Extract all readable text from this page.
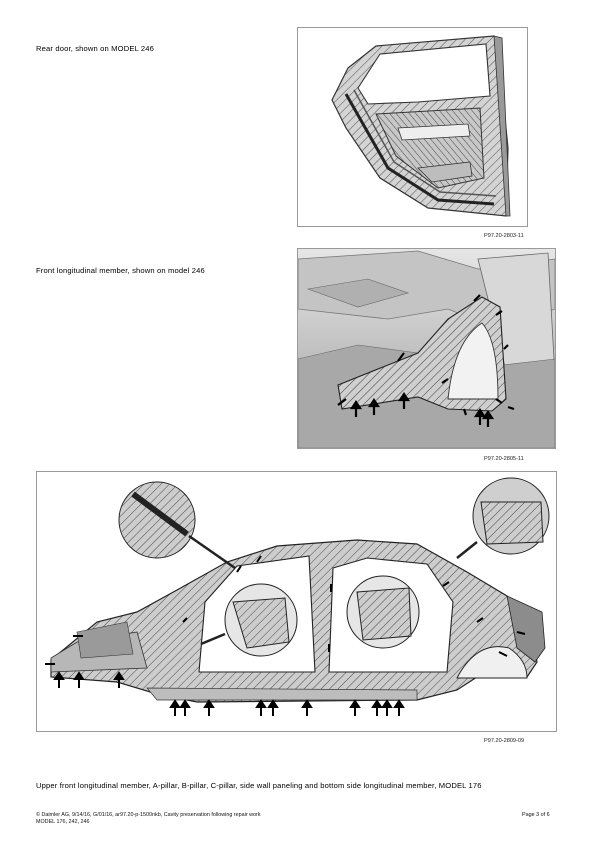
Rear door, shown on MODEL 246
P97.20-2803-11
Front longitudinal member, shown on model 246
P97.20-2805-11
P97.20-2809-09
Upper front longitudinal member, A-pillar, B-pillar, C-pillar, side wall paneling and bottom side longitudinal member, MODEL 176
© Daimler AG, 9/14/16, G/01/16, ar97.20-p-1500nkb, Cavity preservation following repair work
MODEL 176, 242, 246
Page 3 of 6
